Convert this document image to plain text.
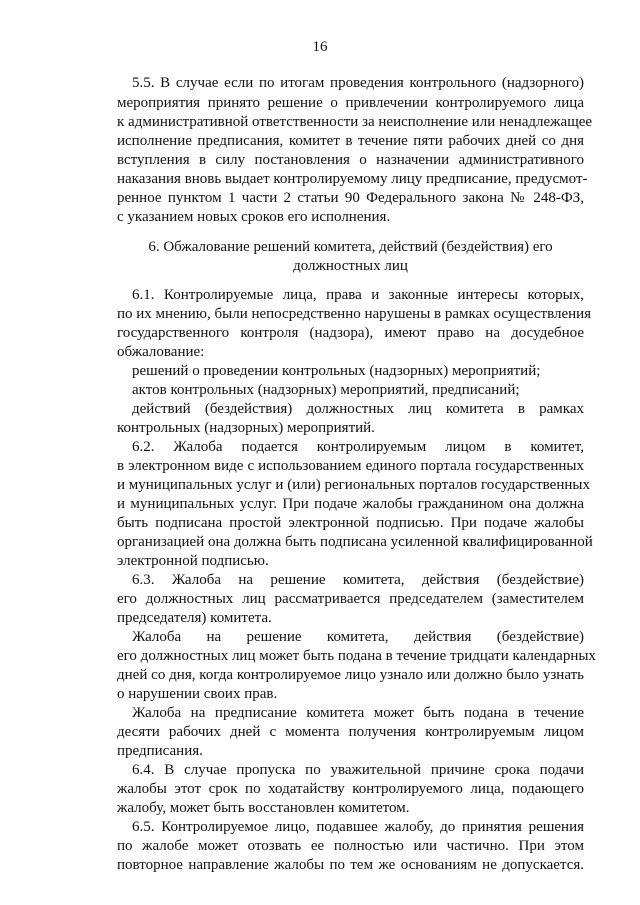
16
5.5. В случае если по итогам проведения контрольного (надзорного)
мероприятия принято решение о привлечении контролируемого лица
к административной ответственности за неисполнение или ненадлежащее
исполнение предписания, комитет в течение пяти рабочих дней со дня
вступления в силу постановления о назначении административного
наказания вновь выдает контролируемому лицу предписание, предусмот-
ренное пунктом 1 части 2 статьи 90 Федерального закона № 248-ФЗ,
с указанием новых сроков его исполнения.
6. Обжалование решений комитета, действий (бездействия) его
должностных лиц
6.1. Контролируемые лица, права и законные интересы которых,
по их мнению, были непосредственно нарушены в рамках осуществления
государственного контроля (надзора), имеют право на досудебное
обжалование:
решений о проведении контрольных (надзорных) мероприятий;
актов контрольных (надзорных) мероприятий, предписаний;
действий (бездействия) должностных лиц комитета в рамках
контрольных (надзорных) мероприятий.
6.2. Жалоба подается контролируемым лицом в комитет,
в электронном виде с использованием единого портала государственных
и муниципальных услуг и (или) региональных порталов государственных
и муниципальных услуг. При подаче жалобы гражданином она должна
быть подписана простой электронной подписью. При подаче жалобы
организацией она должна быть подписана усиленной квалифицированной
электронной подписью.
6.3. Жалоба на решение комитета, действия (бездействие)
его должностных лиц рассматривается председателем (заместителем
председателя) комитета.
Жалоба на решение комитета, действия (бездействие)
его должностных лиц может быть подана в течение тридцати календарных
дней со дня, когда контролируемое лицо узнало или должно было узнать
о нарушении своих прав.
Жалоба на предписание комитета может быть подана в течение
десяти рабочих дней с момента получения контролируемым лицом
предписания.
6.4. В случае пропуска по уважительной причине срока подачи
жалобы этот срок по ходатайству контролируемого лица, подающего
жалобу, может быть восстановлен комитетом.
6.5. Контролируемое лицо, подавшее жалобу, до принятия решения
по жалобе может отозвать ее полностью или частично. При этом
повторное направление жалобы по тем же основаниям не допускается.
